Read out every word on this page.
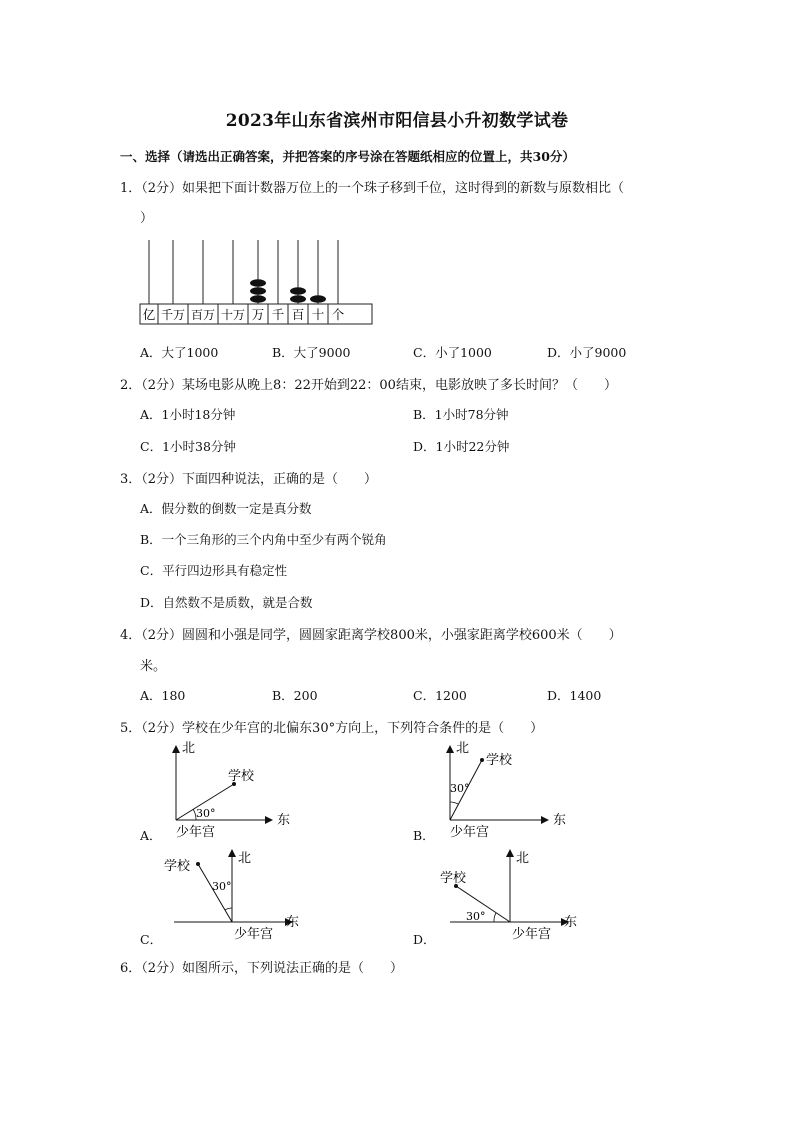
2023年山东省滨州市阳信县小升初数学试卷
一、选择（请选出正确答案，并把答案的序号涂在答题纸相应的位置上，共30分）
1．（2分）如果把下面计数器万位上的一个珠子移到千位，这时得到的新数与原数相比（
）
亿 千万 百万 十万 万 千 百 十 个
A．大了1000	B．大了9000	C．小了1000	D．小了9000
2．（2分）某场电影从晚上8：22开始到22：00结束，电影放映了多长时间？（　　）
A．1小时18分钟	B．1小时78分钟
C．1小时38分钟	D．1小时22分钟
3．（2分）下面四种说法，正确的是（　　）
A．假分数的倒数一定是真分数
B．一个三角形的三个内角中至少有两个锐角
C．平行四边形具有稳定性
D．自然数不是质数，就是合数
4．（2分）圆圆和小强是同学，圆圆家距离学校800米，小强家距离学校600米（　　）
米。
A．180	B．200	C．1200	D．1400
5．（2分）学校在少年宫的北偏东30°方向上，下列符合条件的是（　　）
北
东
学校
少年宫
30°
A．
北
东
学校
少年宫
30°
B．
北
东
学校
少年宫
30°
C．
北
东
学校
少年宫
30°
D．
6．（2分）如图所示，下列说法正确的是（　　）
